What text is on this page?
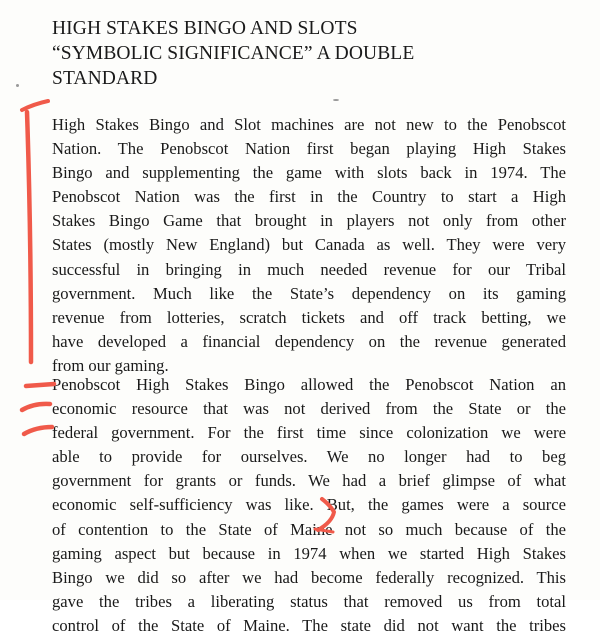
HIGH STAKES BINGO AND SLOTS
“SYMBOLIC SIGNIFICANCE” A DOUBLE
STANDARD
High Stakes Bingo and Slot machines are not new to the Penobscot
Nation. The Penobscot Nation first began playing High Stakes
Bingo and supplementing the game with slots back in 1974. The
Penobscot Nation was the first in the Country to start a High
Stakes Bingo Game that brought in players not only from other
States (mostly New England) but Canada as well. They were very
successful in bringing in much needed revenue for our Tribal
government. Much like the State’s dependency on its gaming
revenue from lotteries, scratch tickets and off track betting, we
have developed a financial dependency on the revenue generated
from our gaming.
Penobscot High Stakes Bingo allowed the Penobscot Nation an
economic resource that was not derived from the State or the
federal government. For the first time since colonization we were
able to provide for ourselves. We no longer had to beg
government for grants or funds. We had a brief glimpse of what
economic self-sufficiency was like. But, the games were a source
of contention to the State of Maine not so much because of the
gaming aspect but because in 1974 when we started High Stakes
Bingo we did so after we had become federally recognized. This
gave the tribes a liberating status that removed us from total
control of the State of Maine. The state did not want the tribes
